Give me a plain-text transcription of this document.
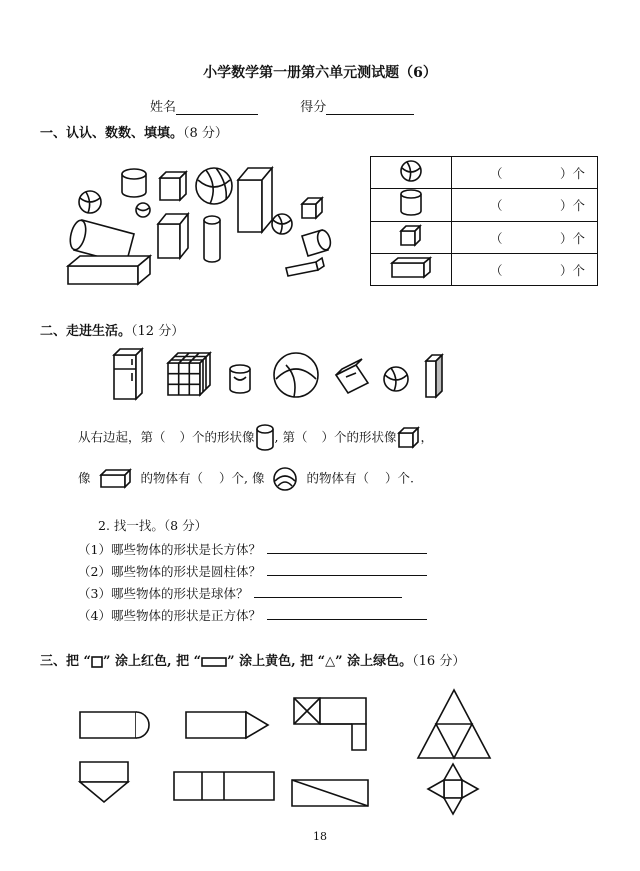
小学数学第一册第六单元测试题（6）
姓名	得分
一、认认、数数、填填。（8 分）

（ ）个

（ ）个

（ ）个

（ ）个
二、走进生活。（12 分）
从右边起，第（ ）个的形状像 , 第（ ）个的形状像 ，
像	的物体有（ ）个, 像	的物体有（ ）个.
2. 找一找。（8 分）
（1）哪些物体的形状是长方体？
（2）哪些物体的形状是圆柱体？
（3）哪些物体的形状是球体？
（4）哪些物体的形状是正方体？
三、把 “ ” 涂上红色, 把 “ ” 涂上黄色, 把 “△” 涂上绿色。（16 分）
18
